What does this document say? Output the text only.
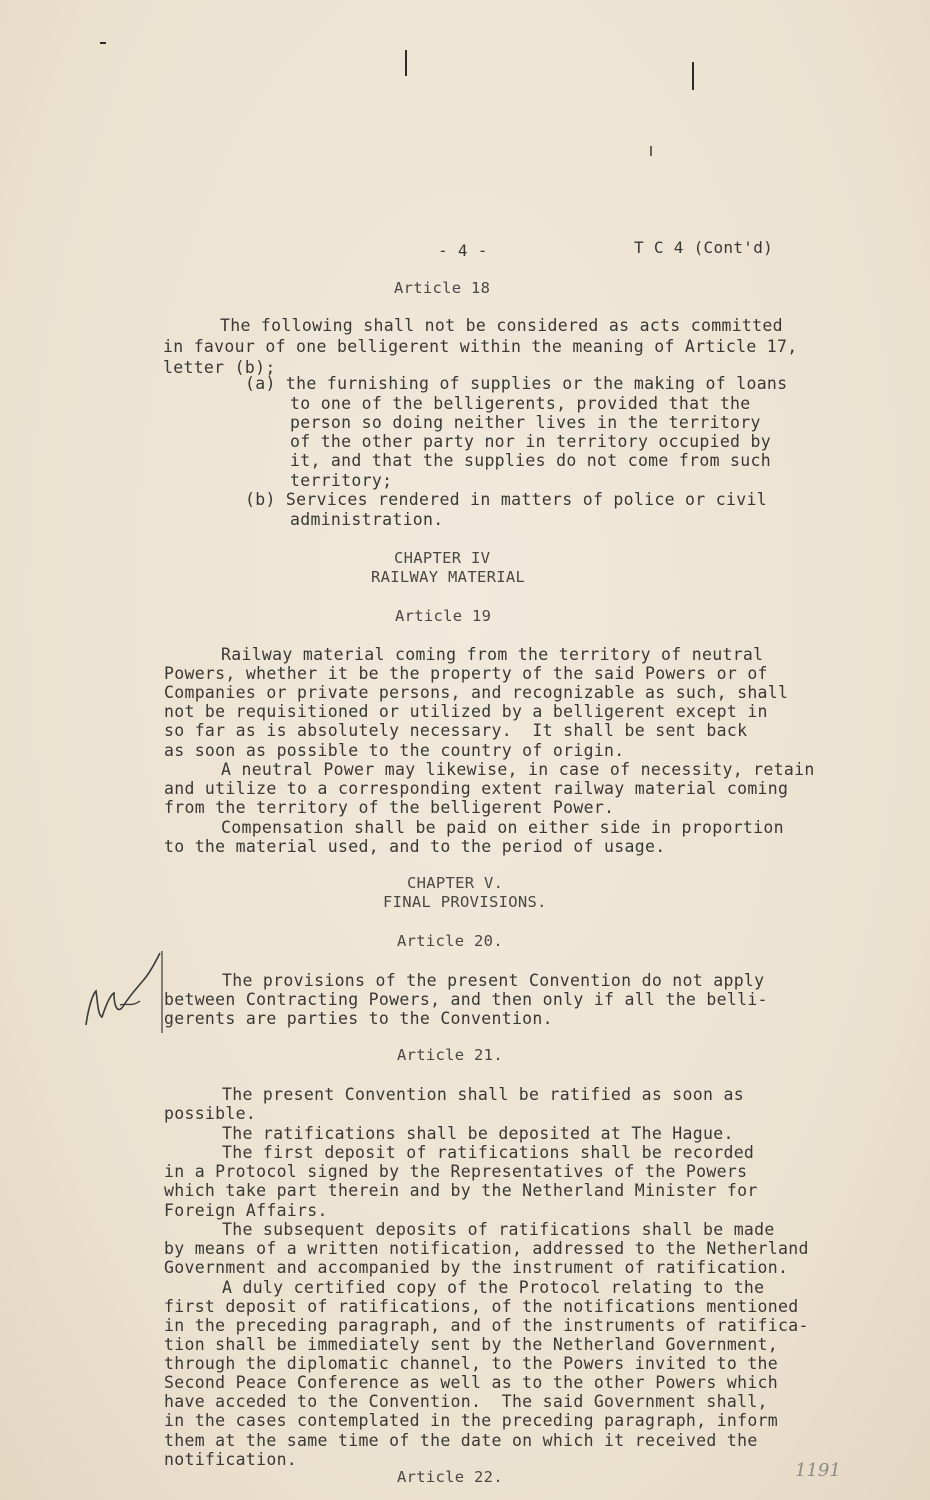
- 4 -	T C 4 (Cont'd)
Article 18
The following shall not be considered as acts committed
in favour of one belligerent within the meaning of Article 17,
letter (b);
(a) the furnishing of supplies or the making of loans
to one of the belligerents, provided that the
person so doing neither lives in the territory
of the other party nor in territory occupied by
it, and that the supplies do not come from such
territory;
(b) Services rendered in matters of police or civil
administration.
CHAPTER IV
RAILWAY MATERIAL
Article 19
Railway material coming from the territory of neutral
Powers, whether it be the property of the said Powers or of
Companies or private persons, and recognizable as such, shall
not be requisitioned or utilized by a belligerent except in
so far as is absolutely necessary.  It shall be sent back
as soon as possible to the country of origin.
A neutral Power may likewise, in case of necessity, retain
and utilize to a corresponding extent railway material coming
from the territory of the belligerent Power.
Compensation shall be paid on either side in proportion
to the material used, and to the period of usage.
CHAPTER V.
FINAL PROVISIONS.
Article 20.
The provisions of the present Convention do not apply
between Contracting Powers, and then only if all the belli-
gerents are parties to the Convention.
Article 21.
The present Convention shall be ratified as soon as
possible.
The ratifications shall be deposited at The Hague.
The first deposit of ratifications shall be recorded
in a Protocol signed by the Representatives of the Powers
which take part therein and by the Netherland Minister for
Foreign Affairs.
The subsequent deposits of ratifications shall be made
by means of a written notification, addressed to the Netherland
Government and accompanied by the instrument of ratification.
A duly certified copy of the Protocol relating to the
first deposit of ratifications, of the notifications mentioned
in the preceding paragraph, and of the instruments of ratifica-
tion shall be immediately sent by the Netherland Government,
through the diplomatic channel, to the Powers invited to the
Second Peace Conference as well as to the other Powers which
have acceded to the Convention.  The said Government shall,
in the cases contemplated in the preceding paragraph, inform
them at the same time of the date on which it received the
notification.
Article 22.	1191
